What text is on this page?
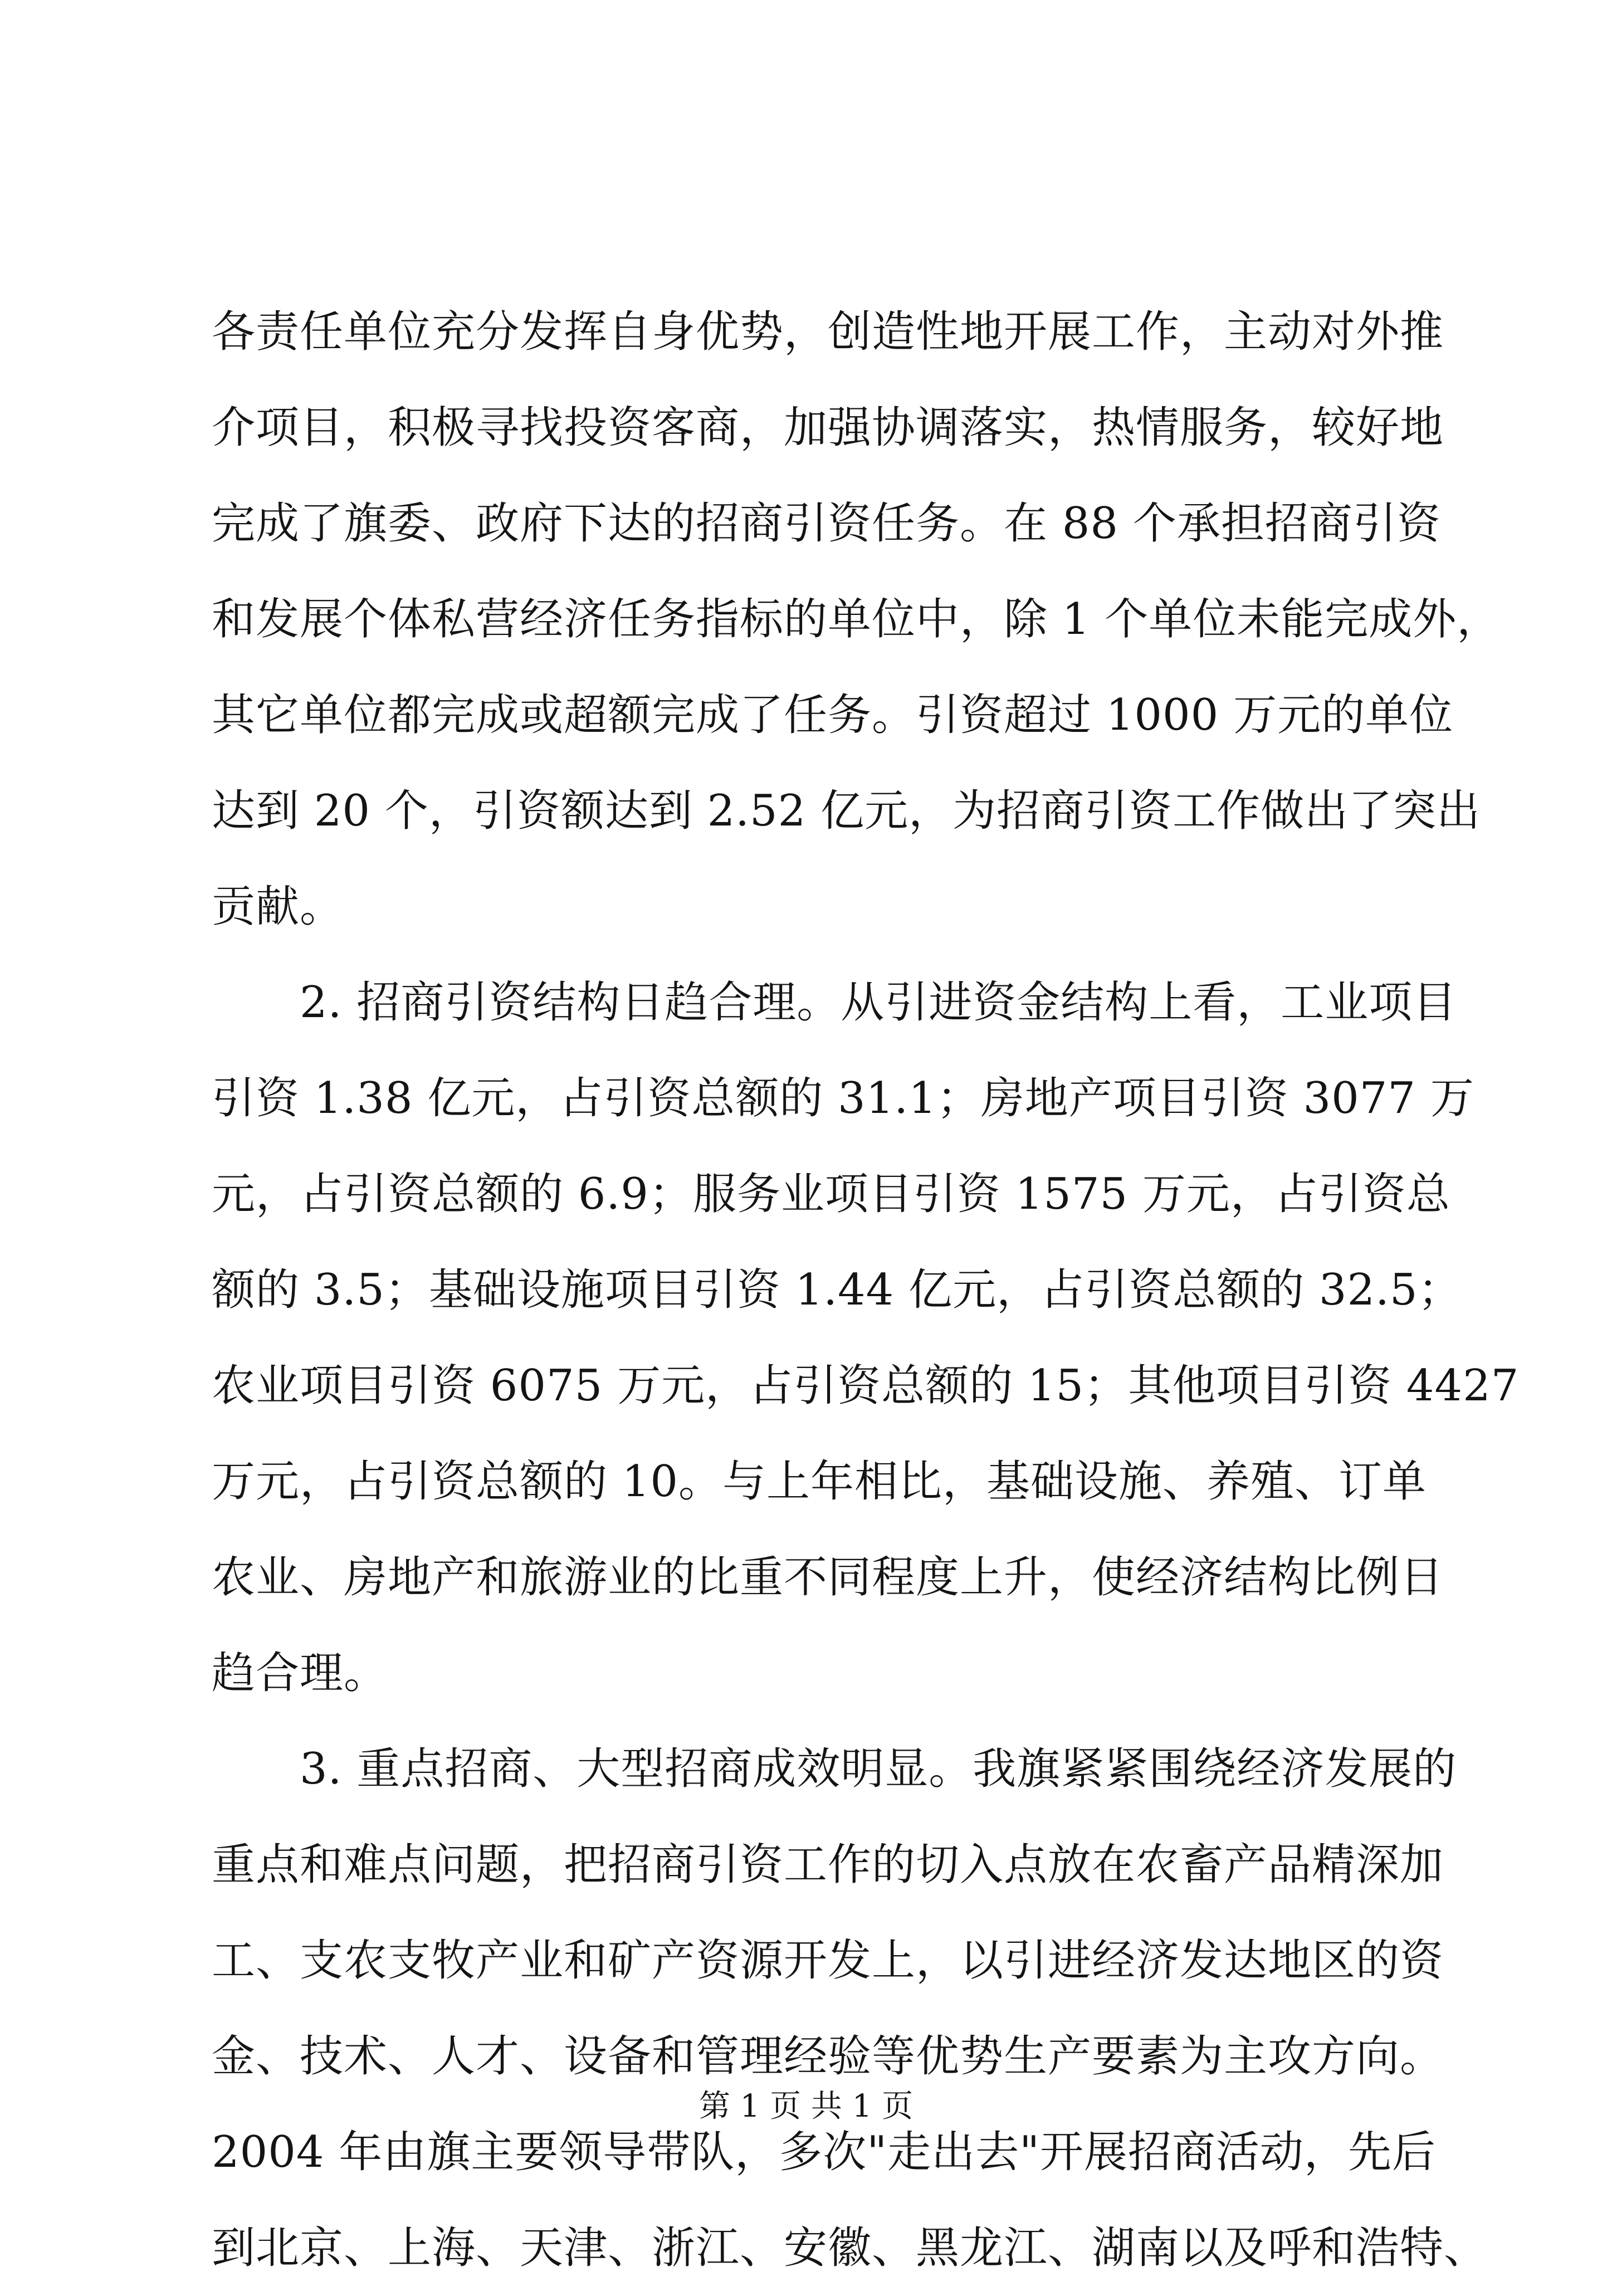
各责任单位充分发挥自身优势，创造性地开展工作，主动对外推
介项目，积极寻找投资客商，加强协调落实，热情服务，较好地
完成了旗委、政府下达的招商引资任务。在 88 个承担招商引资
和发展个体私营经济任务指标的单位中，除 1 个单位未能完成外，
其它单位都完成或超额完成了任务。引资超过 1000 万元的单位
达到 20 个，引资额达到 2.52 亿元，为招商引资工作做出了突出
贡献。
2. 招商引资结构日趋合理。从引进资金结构上看，工业项目
引资 1.38 亿元，占引资总额的 31.1；房地产项目引资 3077 万
元，占引资总额的 6.9；服务业项目引资 1575 万元，占引资总
额的 3.5；基础设施项目引资 1.44 亿元，占引资总额的 32.5；
农业项目引资 6075 万元，占引资总额的 15；其他项目引资 4427
万元，占引资总额的 10。与上年相比，基础设施、养殖、订单
农业、房地产和旅游业的比重不同程度上升，使经济结构比例日
趋合理。
3. 重点招商、大型招商成效明显。我旗紧紧围绕经济发展的
重点和难点问题，把招商引资工作的切入点放在农畜产品精深加
工、支农支牧产业和矿产资源开发上，以引进经济发达地区的资
金、技术、人才、设备和管理经验等优势生产要素为主攻方向。
2004 年由旗主要领导带队，多次"走出去"开展招商活动，先后
到北京、上海、天津、浙江、安徽、黑龙江、湖南以及呼和浩特、
第 1 页 共 1 页
